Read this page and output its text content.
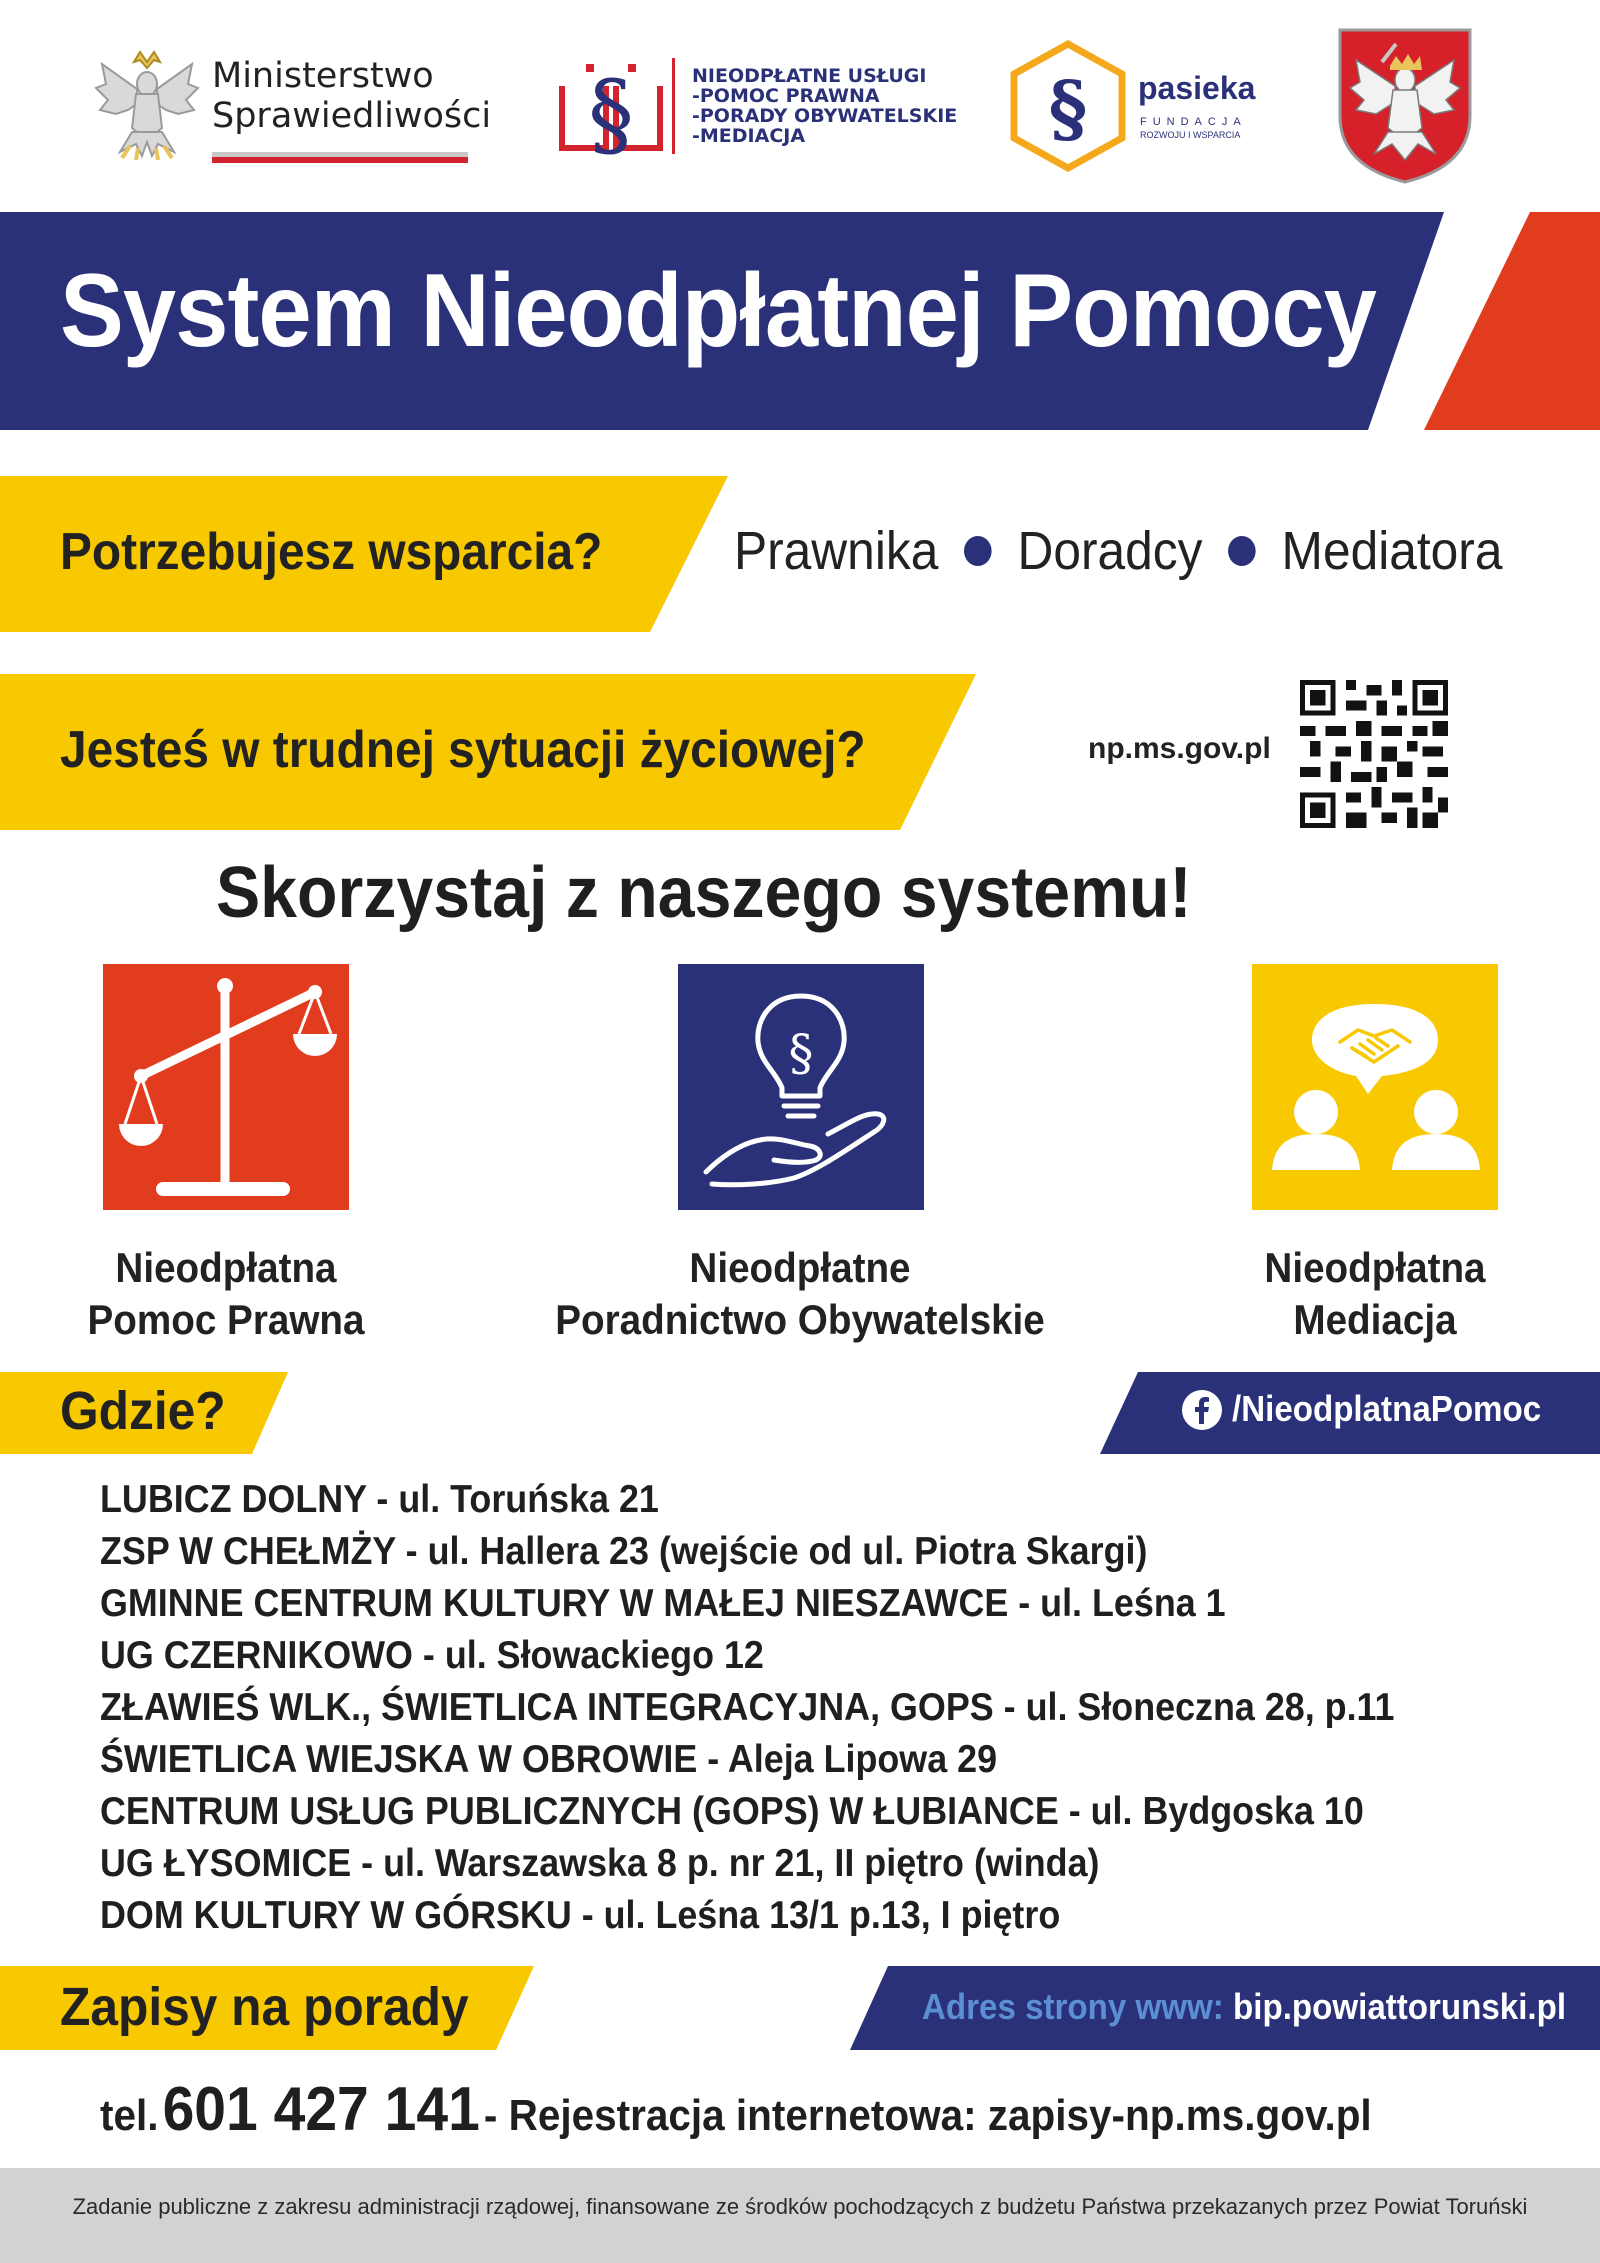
Ministerstwo
Sprawiedliwości §	NIEODPŁATNE USŁUGI
-POMOC PRAWNA
-PORADY OBYWATELSKIE
-MEDIACJA	§ pasieka
FUNDACJA
ROZWOJU I WSPARCIA
System Nieodpłatnej Pomocy
Potrzebujesz wsparcia? Prawnika Doradcy Mediatora
Jesteś w trudnej sytuacji życiowej?	np.ms.gov.pl
Skorzystaj z naszego systemu!
§
Nieodpłatna
Pomoc Prawna
Nieodpłatne
Poradnictwo Obywatelskie
Nieodpłatna
Mediacja
Gdzie?	/NieodplatnaPomoc
LUBICZ DOLNY - ul. Toruńska 21
ZSP W CHEŁMŻY - ul. Hallera 23 (wejście od ul. Piotra Skargi)
GMINNE CENTRUM KULTURY W MAŁEJ NIESZAWCE - ul. Leśna 1
UG CZERNIKOWO - ul. Słowackiego 12
ZŁAWIEŚ WLK., ŚWIETLICA INTEGRACYJNA, GOPS - ul. Słoneczna 28, p.11
ŚWIETLICA WIEJSKA W OBROWIE - Aleja Lipowa 29
CENTRUM USŁUG PUBLICZNYCH (GOPS) W ŁUBIANCE - ul. Bydgoska 10
UG ŁYSOMICE - ul. Warszawska 8 p. nr 21, II piętro (winda)
DOM KULTURY W GÓRSKU - ul. Leśna 13/1 p.13, I piętro
Zapisy na porady	Adres strony www: bip.powiattorunski.pl
tel. 601 427 141 - Rejestracja internetowa: zapisy-np.ms.gov.pl
Zadanie publiczne z zakresu administracji rządowej, finansowane ze środków pochodzących z budżetu Państwa przekazanych przez Powiat Toruński
